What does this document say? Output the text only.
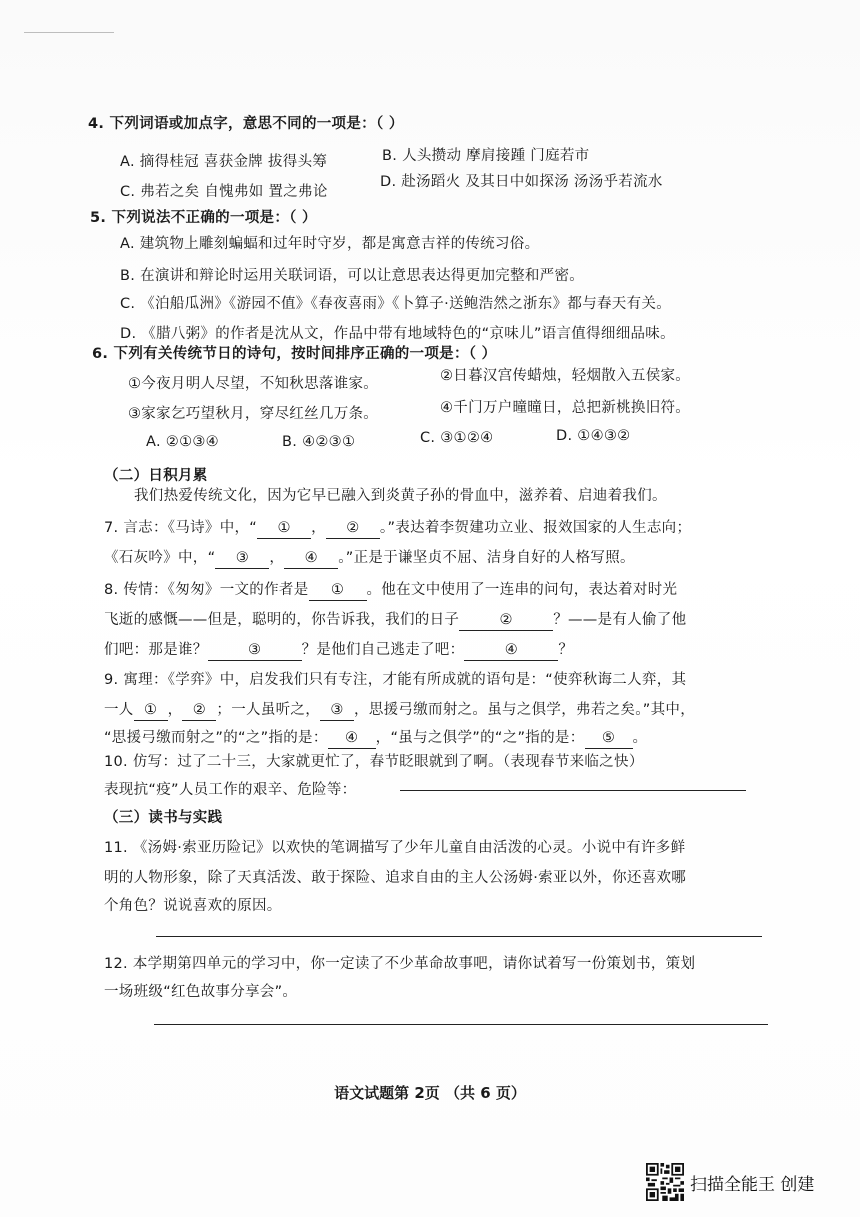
4. 下列词语或加点字，意思不同的一项是：（ ）
A. 摘得桂冠 喜获金牌 拔得头筹	B. 人头攒动 摩肩接踵 门庭若市
C. 弗若之矣 自愧弗如 置之弗论
D. 赴汤蹈火 及其日中如探汤 汤汤乎若流水
5. 下列说法不正确的一项是：（ ）
A. 建筑物上雕刻蝙蝠和过年时守岁，都是寓意吉祥的传统习俗。
B. 在演讲和辩论时运用关联词语，可以让意思表达得更加完整和严密。
C. 《泊船瓜洲》《游园不值》《春夜喜雨》《卜算子·送鲍浩然之浙东》都与春天有关。
D. 《腊八粥》的作者是沈从文，作品中带有地域特色的“京味儿”语言值得细细品味。
6. 下列有关传统节日的诗句，按时间排序正确的一项是：（ ）
①今夜月明人尽望，不知秋思落谁家。	②日暮汉宫传蜡烛，轻烟散入五侯家。
③家家乞巧望秋月，穿尽红丝几万条。	④千门万户曈曈日，总把新桃换旧符。
A. ②①③④	B. ④②③①	C. ③①②④	D. ①④③②
（二）日积月累
我们热爱传统文化，因为它早已融入到炎黄子孙的骨血中，滋养着、启迪着我们。
7. 言志：《马诗》中，“ ① ， ② 。”表达着李贺建功立业、报效国家的人生志向；
《石灰吟》中，“ ③ ， ④ 。”正是于谦坚贞不屈、洁身自好的人格写照。
8. 传情：《匆匆》一文的作者是 ① 。他在文中使用了一连串的问句，表达着对时光
飞逝的感慨——但是，聪明的，你告诉我，我们的日子	②	？——是有人偷了他
们吧：那是谁？	③	？是他们自己逃走了吧：	④	？
9. 寓理：《学弈》中，启发我们只有专注，才能有所成就的语句是：“使弈秋诲二人弈，其
一人 ① ， ② ；一人虽听之， ③ ，思援弓缴而射之。虽与之俱学，弗若之矣。”其中，
“思援弓缴而射之”的“之”指的是： ④ ，“虽与之俱学”的“之”指的是： ⑤ 。
10. 仿写：过了二十三，大家就更忙了，春节眨眼就到了啊。（表现春节来临之快）
表现抗“疫”人员工作的艰辛、危险等：
（三）读书与实践
11. 《汤姆·索亚历险记》以欢快的笔调描写了少年儿童自由活泼的心灵。小说中有许多鲜
明的人物形象，除了天真活泼、敢于探险、追求自由的主人公汤姆·索亚以外，你还喜欢哪
个角色？说说喜欢的原因。
12. 本学期第四单元的学习中，你一定读了不少革命故事吧，请你试着写一份策划书，策划
一场班级“红色故事分享会”。
语文试题第 2页 （共 6 页）
扫描全能王 创建
